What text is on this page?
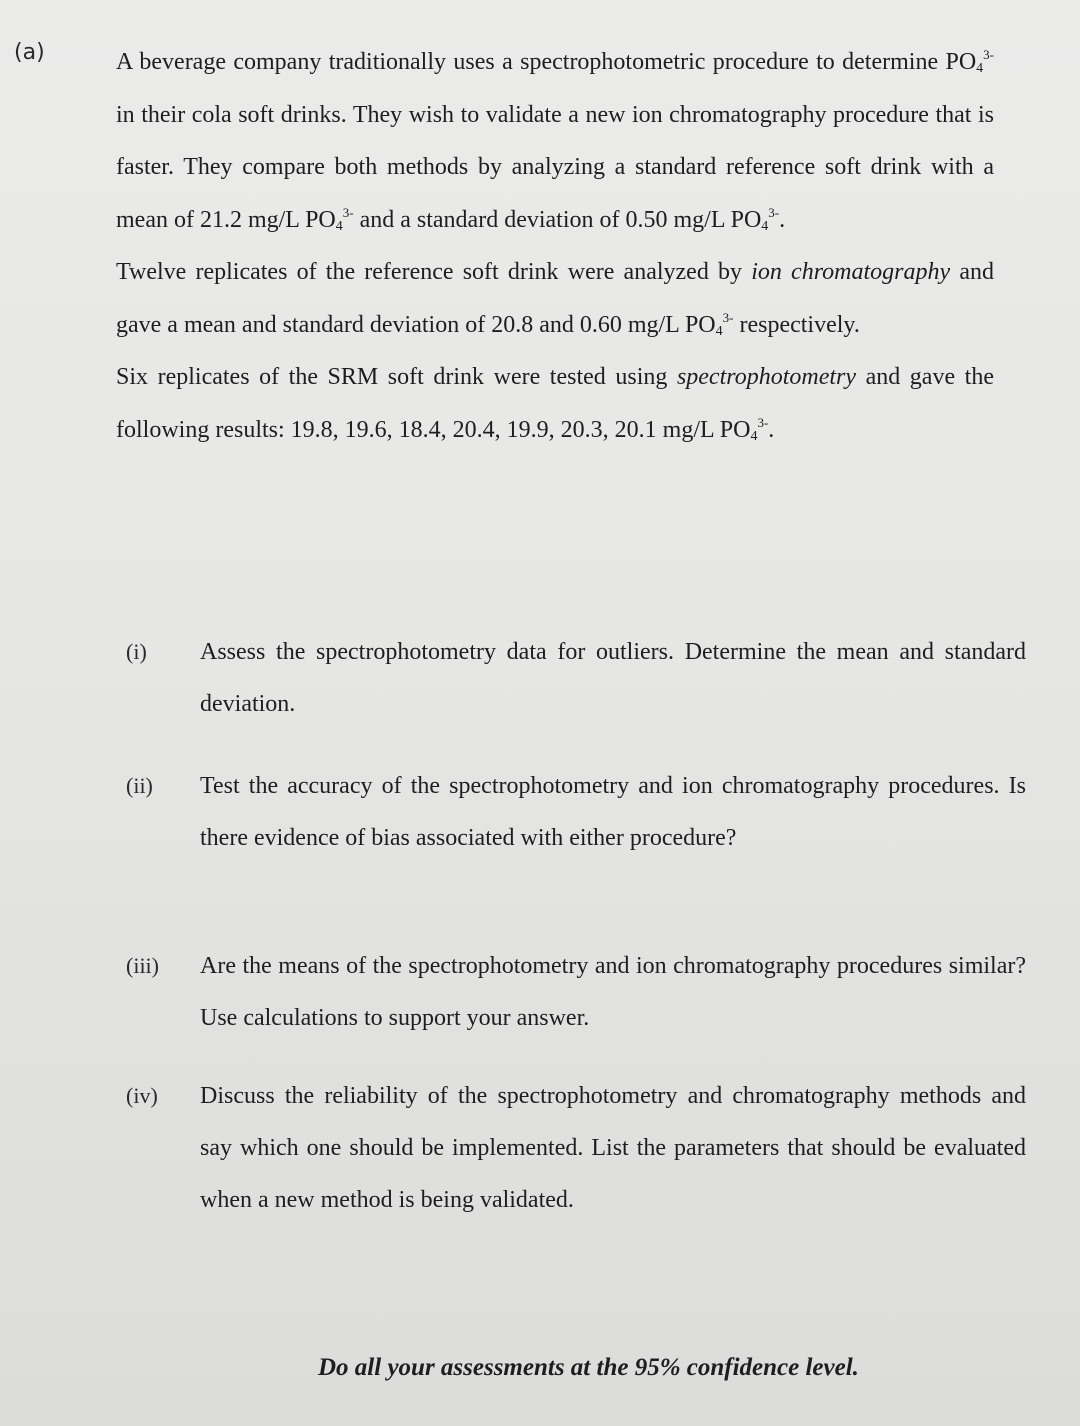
(a)	A beverage company traditionally uses a spectrophotometric procedure to determine $PO_4^{3-}$ in their cola soft drinks. They wish to validate a new ion chromatography procedure that is faster. They compare both methods by analyzing a standard reference soft drink with a mean of 21.2 mg/L $PO_4^{3-}$ and a standard deviation of 0.50 mg/L $PO_4^{3-}$.

Twelve replicates of the reference soft drink were analyzed by ion chromatography and gave a mean and standard deviation of 20.8 and 0.60 mg/L $PO_4^{3-}$ respectively.

Six replicates of the SRM soft drink were tested using spectrophotometry and gave the following results: 19.8, 19.6, 18.4, 20.4, 19.9, 20.3, 20.1 mg/L $PO_4^{3-}$.

(i)	Assess the spectrophotometry data for outliers. Determine the mean and standard deviation.
(ii)	Test the accuracy of the spectrophotometry and ion chromatography procedures. Is there evidence of bias associated with either procedure?
(iii)	Are the means of the spectrophotometry and ion chromatography procedures similar? Use calculations to support your answer.
(iv)	Discuss the reliability of the spectrophotometry and chromatography methods and say which one should be implemented. List the parameters that should be evaluated when a new method is being validated.
Do all your assessments at the 95% confidence level.
